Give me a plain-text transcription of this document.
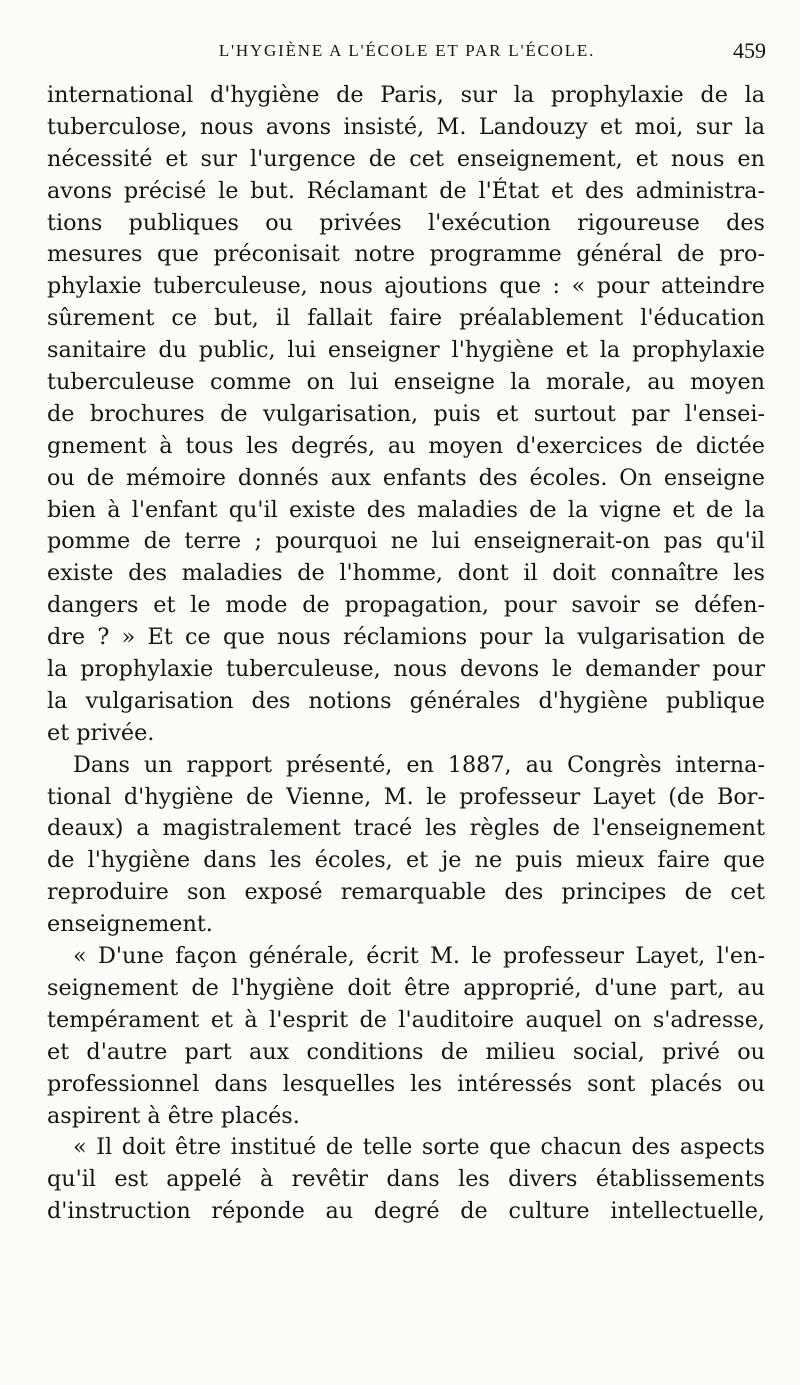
L'HYGIÈNE A L'ÉCOLE ET PAR L'ÉCOLE.	459
international d'hygiène de Paris, sur la prophylaxie de la
tuberculose, nous avons insisté, M. Landouzy et moi, sur la
nécessité et sur l'urgence de cet enseignement, et nous en
avons précisé le but. Réclamant de l'État et des administra-
tions publiques ou privées l'exécution rigoureuse des
mesures que préconisait notre programme général de pro-
phylaxie tuberculeuse, nous ajoutions que : « pour atteindre
sûrement ce but, il fallait faire préalablement l'éducation
sanitaire du public, lui enseigner l'hygiène et la prophylaxie
tuberculeuse comme on lui enseigne la morale, au moyen
de brochures de vulgarisation, puis et surtout par l'ensei-
gnement à tous les degrés, au moyen d'exercices de dictée
ou de mémoire donnés aux enfants des écoles. On enseigne
bien à l'enfant qu'il existe des maladies de la vigne et de la
pomme de terre ; pourquoi ne lui enseignerait-on pas qu'il
existe des maladies de l'homme, dont il doit connaître les
dangers et le mode de propagation, pour savoir se défen-
dre ? » Et ce que nous réclamions pour la vulgarisation de
la prophylaxie tuberculeuse, nous devons le demander pour
la vulgarisation des notions générales d'hygiène publique
et privée.
Dans un rapport présenté, en 1887, au Congrès interna-
tional d'hygiène de Vienne, M. le professeur Layet (de Bor-
deaux) a magistralement tracé les règles de l'enseignement
de l'hygiène dans les écoles, et je ne puis mieux faire que
reproduire son exposé remarquable des principes de cet
enseignement.
« D'une façon générale, écrit M. le professeur Layet, l'en-
seignement de l'hygiène doit être approprié, d'une part, au
tempérament et à l'esprit de l'auditoire auquel on s'adresse,
et d'autre part aux conditions de milieu social, privé ou
professionnel dans lesquelles les intéressés sont placés ou
aspirent à être placés.
« Il doit être institué de telle sorte que chacun des aspects
qu'il est appelé à revêtir dans les divers établissements
d'instruction réponde au degré de culture intellectuelle,
